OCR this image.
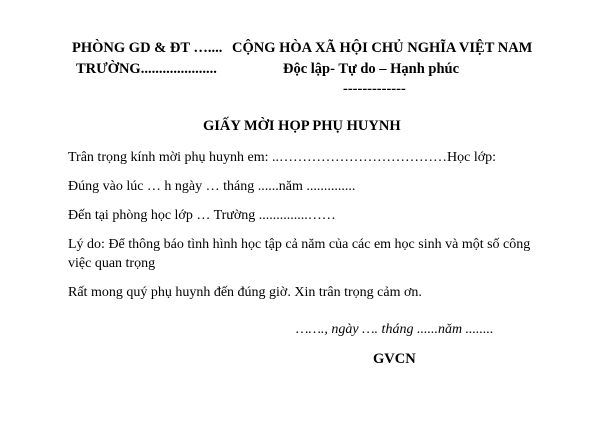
PHÒNG GD & ĐT ….... CỘNG HÒA XÃ HỘI CHỦ NGHĨA VIỆT NAM
TRƯỜNG.....................	Độc lập- Tự do – Hạnh phúc
-------------
GIẤY MỜI HỌP PHỤ HUYNH
Trân trọng kính mời phụ huynh em: ..………………………………Học lớp:
Đúng vào lúc … h ngày … tháng ......năm ..............
Đến tại phòng học lớp … Trường ..............……
Lý do: Để thông báo tình hình học tập cả năm của các em học sinh và một số công
việc quan trọng
Rất mong quý phụ huynh đến đúng giờ. Xin trân trọng cảm ơn.
……., ngày …. tháng ......năm ........
GVCN
